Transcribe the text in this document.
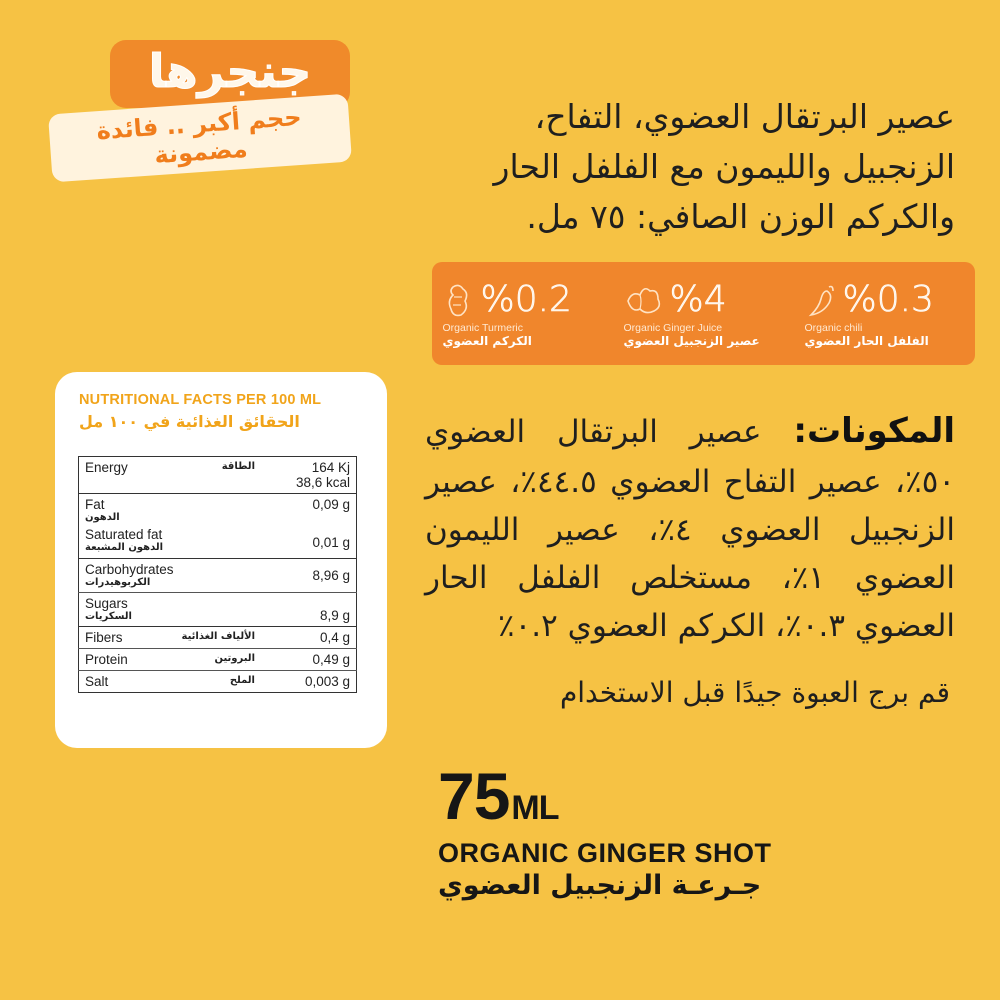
جنجرها
حجم أكبر .. فائدة مضمونة
عصير البرتقال العضوي، التفاح، الزنجبيل والليمون مع الفلفل الحار والكركم الوزن الصافي: ٧٥ مل.
%0.2
Organic Turmeric
الكركم العضوي
%4
Organic Ginger Juice
عصير الزنجبيل العضوي
%0.3
Organic chili
الفلفل الحار العضوي
المكونات: عصير البرتقال العضوي ٥٠٪، عصير التفاح العضوي ٤٤.٥٪، عصير الزنجبيل العضوي ٤٪، عصير الليمون العضوي ١٪، مستخلص الفلفل الحار العضوي ٠.٣٪، الكركم العضوي ٠.٢٪
قم برج العبوة جيدًا قبل الاستخدام
75ML
ORGANIC GINGER SHOT
جـرعـة الزنجبيل العضوي
NUTRITIONAL FACTS PER 100 ML
الحقائق الغذائية في ١٠٠ مل
Energy الطاقة	164 Kj
38,6 kcal

Fat
الدهون	0,09 g

Saturated fat
الدهون المشبعة	0,01 g

Carbohydrates
الكربوهيدرات	8,96 g

Sugars
السكريات	8,9 g

Fibers الألياف الغذائية	0,4 g

Protein البروتين	0,49 g

Salt الملح	0,003 g
